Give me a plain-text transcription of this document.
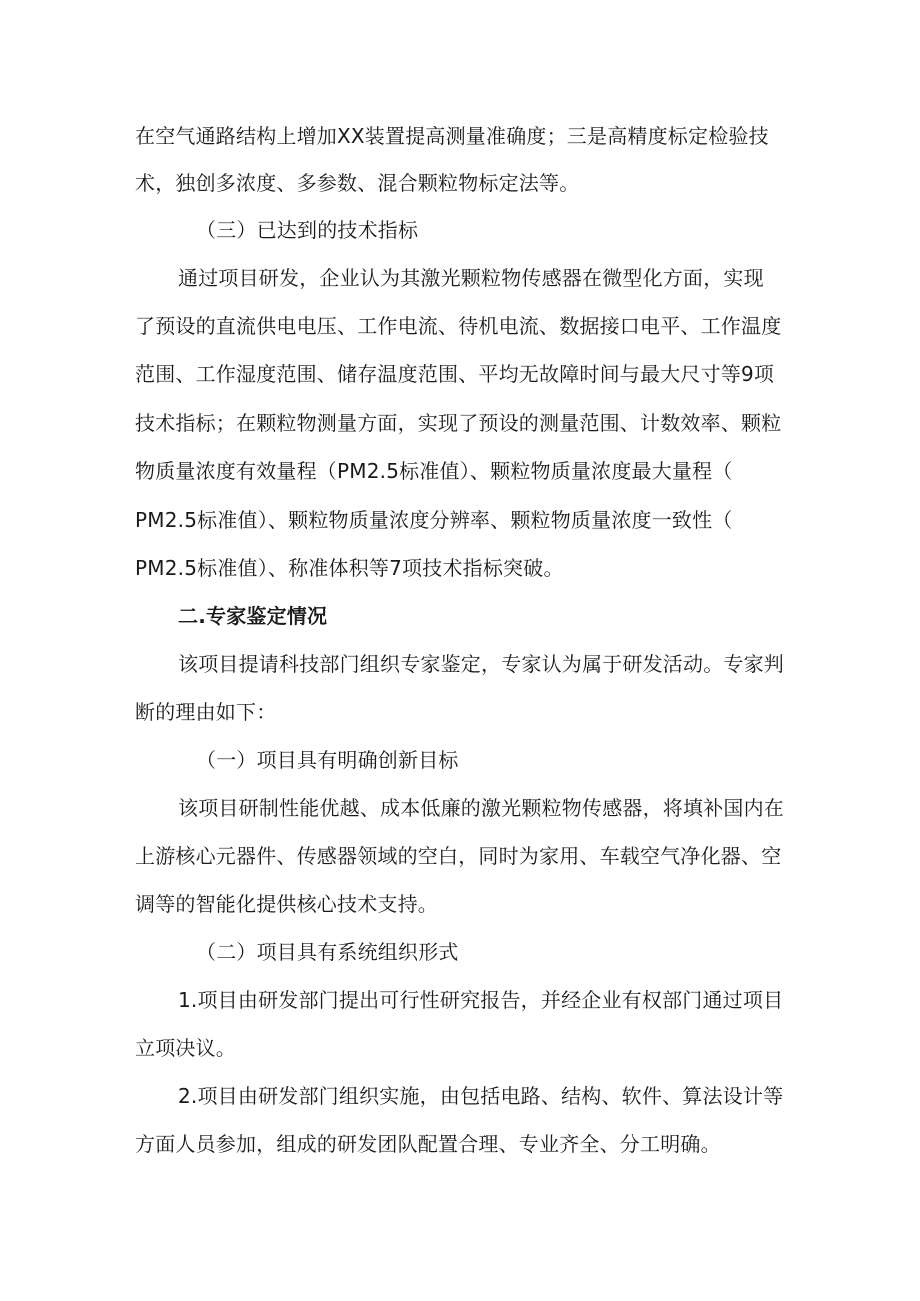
在空气通路结构上增加XX装置提高测量准确度；三是高精度标定检验技
术，独创多浓度、多参数、混合颗粒物标定法等。
（三）已达到的技术指标
通过项目研发，企业认为其激光颗粒物传感器在微型化方面，实现
了预设的直流供电电压、工作电流、待机电流、数据接口电平、工作温度
范围、工作湿度范围、储存温度范围、平均无故障时间与最大尺寸等9项
技术指标；在颗粒物测量方面，实现了预设的测量范围、计数效率、颗粒
物质量浓度有效量程（PM2.5标准值）、颗粒物质量浓度最大量程（
PM2.5标准值）、颗粒物质量浓度分辨率、颗粒物质量浓度一致性（
PM2.5标准值）、称准体积等7项技术指标突破。
二.专家鉴定情况
该项目提请科技部门组织专家鉴定，专家认为属于研发活动。专家判
断的理由如下：
（一）项目具有明确创新目标
该项目研制性能优越、成本低廉的激光颗粒物传感器，将填补国内在
上游核心元器件、传感器领域的空白，同时为家用、车载空气净化器、空
调等的智能化提供核心技术支持。
（二）项目具有系统组织形式
1.项目由研发部门提出可行性研究报告，并经企业有权部门通过项目
立项决议。
2.项目由研发部门组织实施，由包括电路、结构、软件、算法设计等
方面人员参加，组成的研发团队配置合理、专业齐全、分工明确。
